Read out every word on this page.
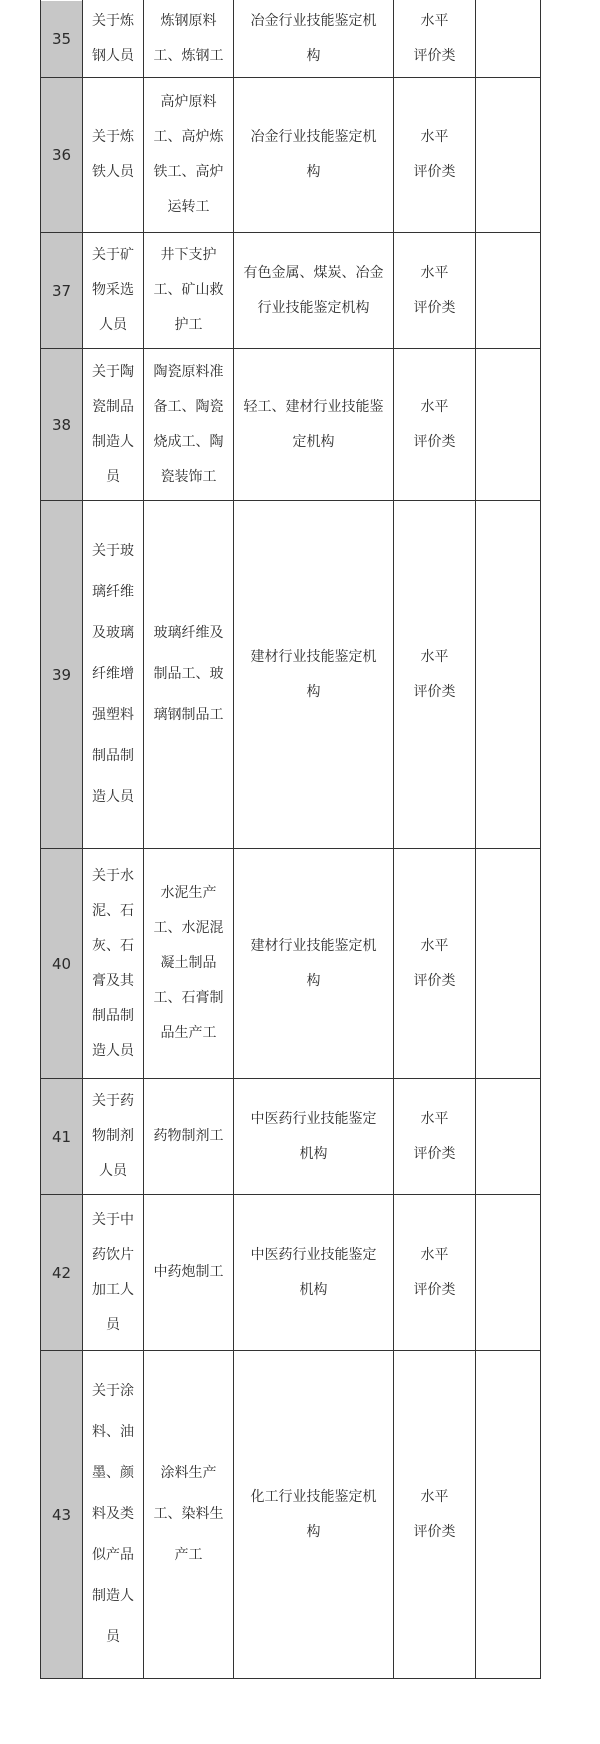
35
关于炼
钢人员
炼钢原料
工、炼钢工
冶金行业技能鉴定机
构
水平
评价类
36
关于炼
铁人员
高炉原料
工、高炉炼
铁工、高炉
运转工
冶金行业技能鉴定机
构
水平
评价类
37
关于矿
物采选
人员
井下支护
工、矿山救
护工
有色金属、煤炭、冶金
行业技能鉴定机构
水平
评价类
38
关于陶
瓷制品
制造人
员
陶瓷原料准
备工、陶瓷
烧成工、陶
瓷装饰工
轻工、建材行业技能鉴
定机构
水平
评价类
39
关于玻
璃纤维
及玻璃
纤维增
强塑料
制品制
造人员
玻璃纤维及
制品工、玻
璃钢制品工
建材行业技能鉴定机
构
水平
评价类
40
关于水
泥、石
灰、石
膏及其
制品制
造人员
水泥生产
工、水泥混
凝土制品
工、石膏制
品生产工
建材行业技能鉴定机
构
水平
评价类
41
关于药
物制剂
人员
药物制剂工
中医药行业技能鉴定
机构
水平
评价类
42
关于中
药饮片
加工人
员
中药炮制工
中医药行业技能鉴定
机构
水平
评价类
43
关于涂
料、油
墨、颜
料及类
似产品
制造人
员
涂料生产
工、染料生
产工
化工行业技能鉴定机
构
水平
评价类
